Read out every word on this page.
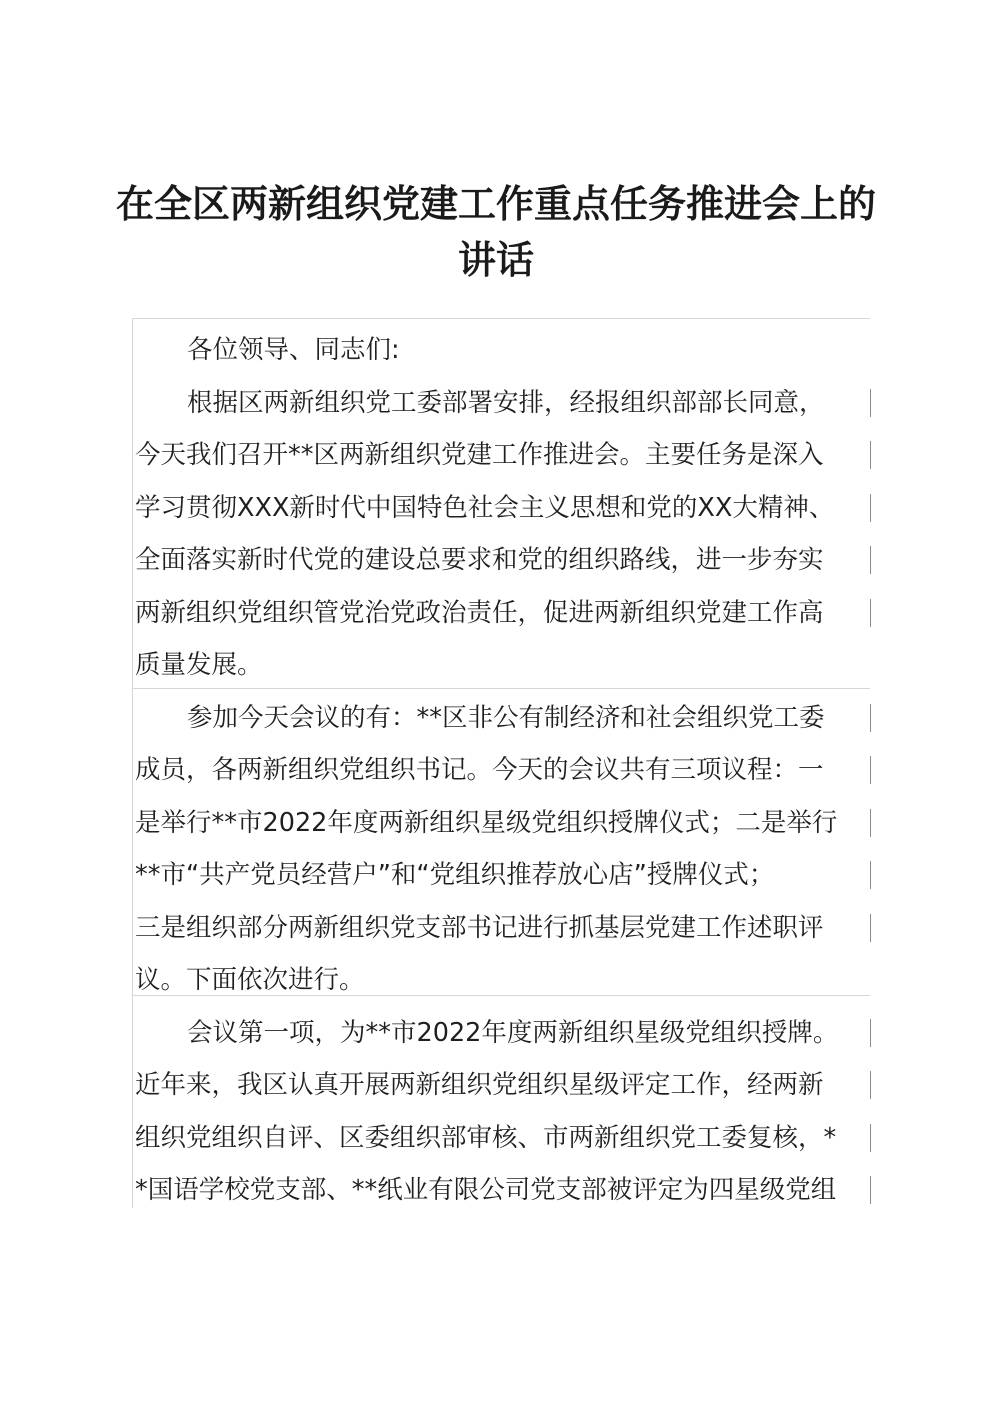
在全区两新组织党建工作重点任务推进会上的
讲话

各位领导、同志们:

根据区两新组织党工委部署安排，经报组织部部长同意，
今天我们召开**区两新组织党建工作推进会。主要任务是深入
学习贯彻XXX新时代中国特色社会主义思想和党的XX大精神、
全面落实新时代党的建设总要求和党的组织路线，进一步夯实
两新组织党组织管党治党政治责任，促进两新组织党建工作高
质量发展。

参加今天会议的有：**区非公有制经济和社会组织党工委
成员，各两新组织党组织书记。今天的会议共有三项议程：一
是举行**市2022年度两新组织星级党组织授牌仪式；二是举行
**市“共产党员经营户”和“党组织推荐放心店”授牌仪式；
三是组织部分两新组织党支部书记进行抓基层党建工作述职评
议。下面依次进行。

会议第一项，为**市2022年度两新组织星级党组织授牌。
近年来，我区认真开展两新组织党组织星级评定工作，经两新
组织党组织自评、区委组织部审核、市两新组织党工委复核，*
*国语学校党支部、**纸业有限公司党支部被评定为四星级党组
